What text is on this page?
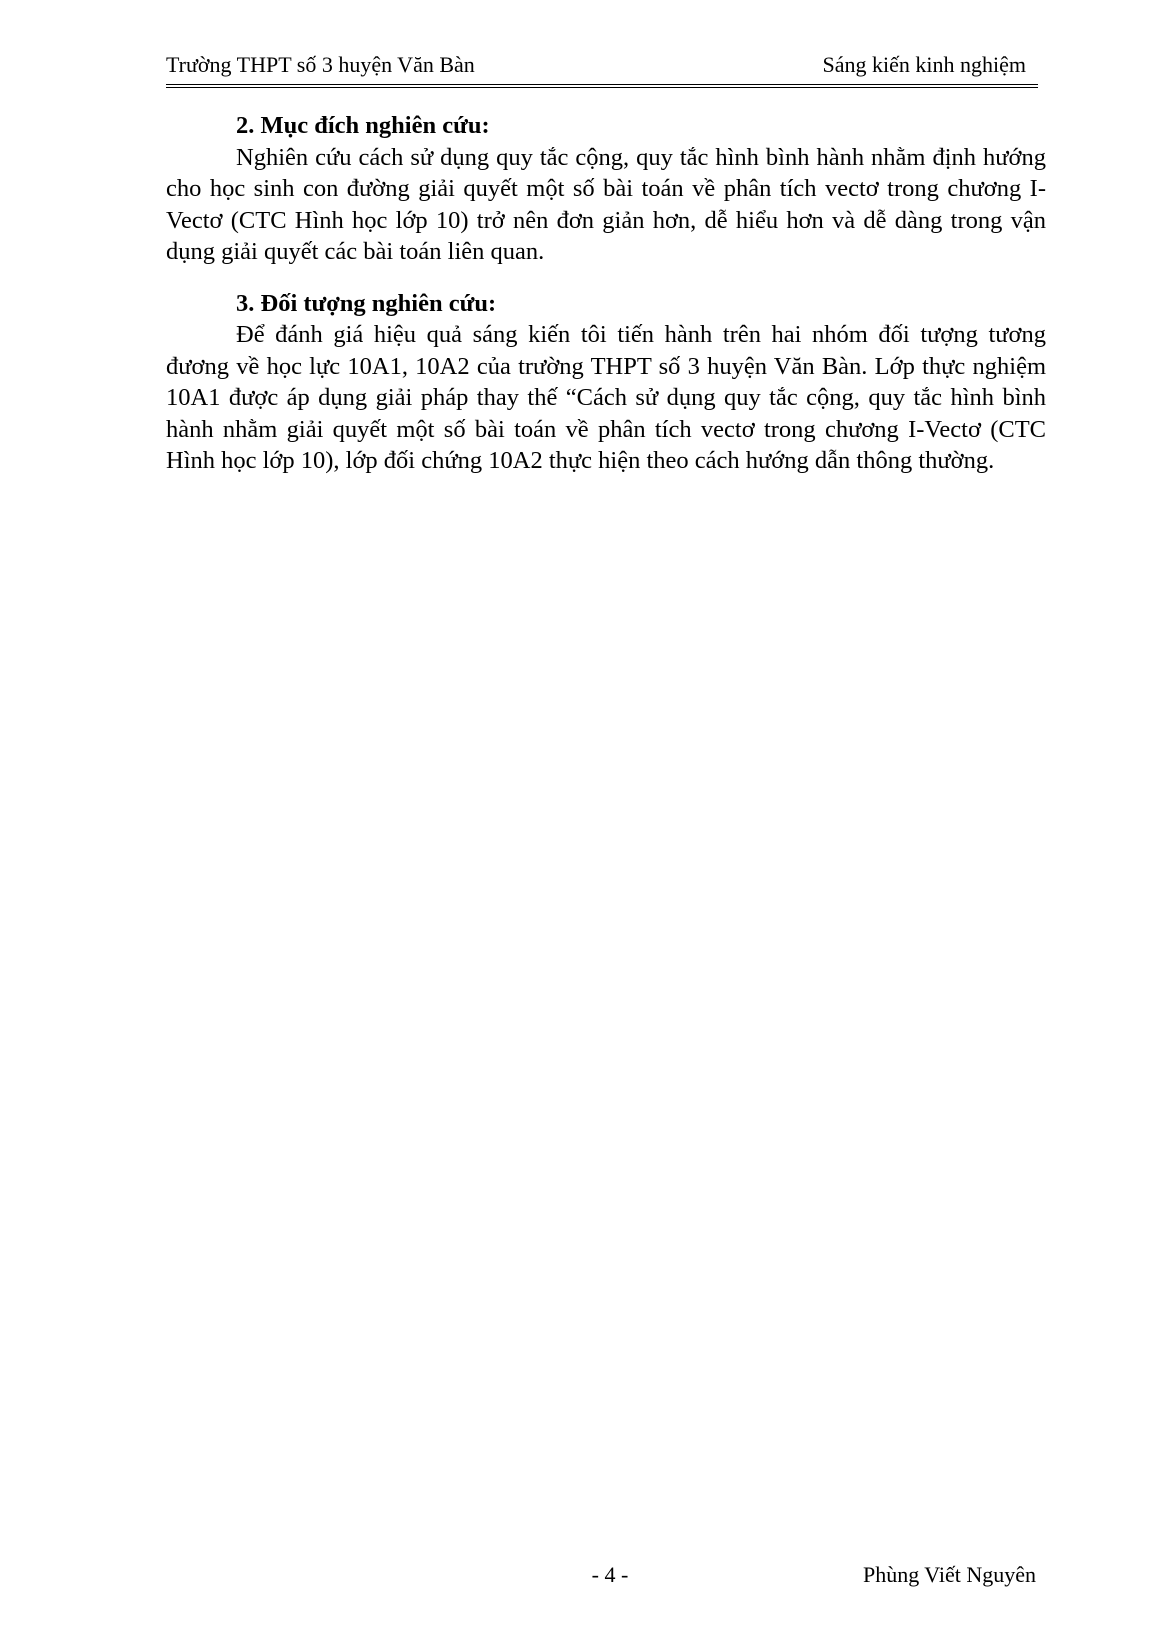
Trường THPT số 3 huyện Văn Bàn	Sáng kiến kinh nghiệm

2. Mục đích nghiên cứu:

Nghiên cứu cách sử dụng quy tắc cộng, quy tắc hình bình hành nhằm định hướng cho học sinh con đường giải quyết một số bài toán về phân tích vectơ trong chương I-Vectơ (CTC Hình học lớp 10) trở nên đơn giản hơn, dễ hiểu hơn và dễ dàng trong vận dụng giải quyết các bài toán liên quan.

3. Đối tượng nghiên cứu:

Để đánh giá hiệu quả sáng kiến tôi tiến hành trên hai nhóm đối tượng tương đương về học lực 10A1, 10A2 của trường THPT số 3 huyện Văn Bàn. Lớp thực nghiệm 10A1 được áp dụng giải pháp thay thế “Cách sử dụng quy tắc cộng, quy tắc hình bình hành nhằm giải quyết một số bài toán về phân tích vectơ trong chương I-Vectơ (CTC Hình học lớp 10), lớp đối chứng 10A2 thực hiện theo cách hướng dẫn thông thường.

- 4 -	Phùng Viết Nguyên
